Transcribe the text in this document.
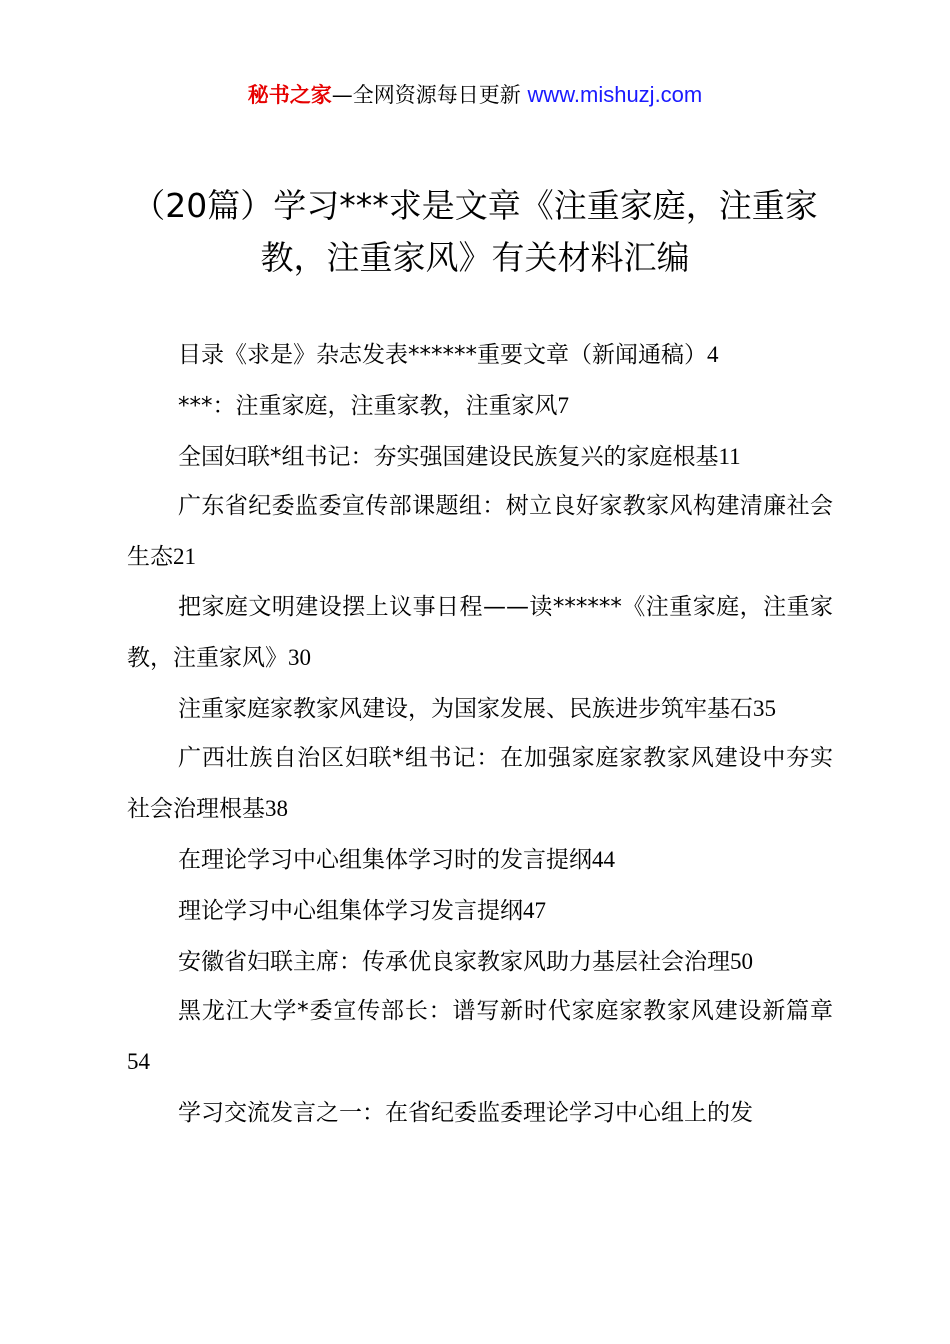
秘书之家—全网资源每日更新 www.mishuzj.com
（20篇）学习***求是文章《注重家庭，注重家教，注重家风》有关材料汇编

目录《求是》杂志发表******重要文章（新闻通稿）4

***：注重家庭，注重家教，注重家风7

全国妇联*组书记：夯实强国建设民族复兴的家庭根基11

广东省纪委监委宣传部课题组：树立良好家教家风构建清廉社会生态21

把家庭文明建设摆上议事日程——读******《注重家庭，注重家教，注重家风》30

注重家庭家教家风建设，为国家发展、民族进步筑牢基石35

广西壮族自治区妇联*组书记：在加强家庭家教家风建设中夯实社会治理根基38

在理论学习中心组集体学习时的发言提纲44

理论学习中心组集体学习发言提纲47

安徽省妇联主席：传承优良家教家风助力基层社会治理50

黑龙江大学*委宣传部长：谱写新时代家庭家教家风建设新篇章54

学习交流发言之一：在省纪委监委理论学习中心组上的发
